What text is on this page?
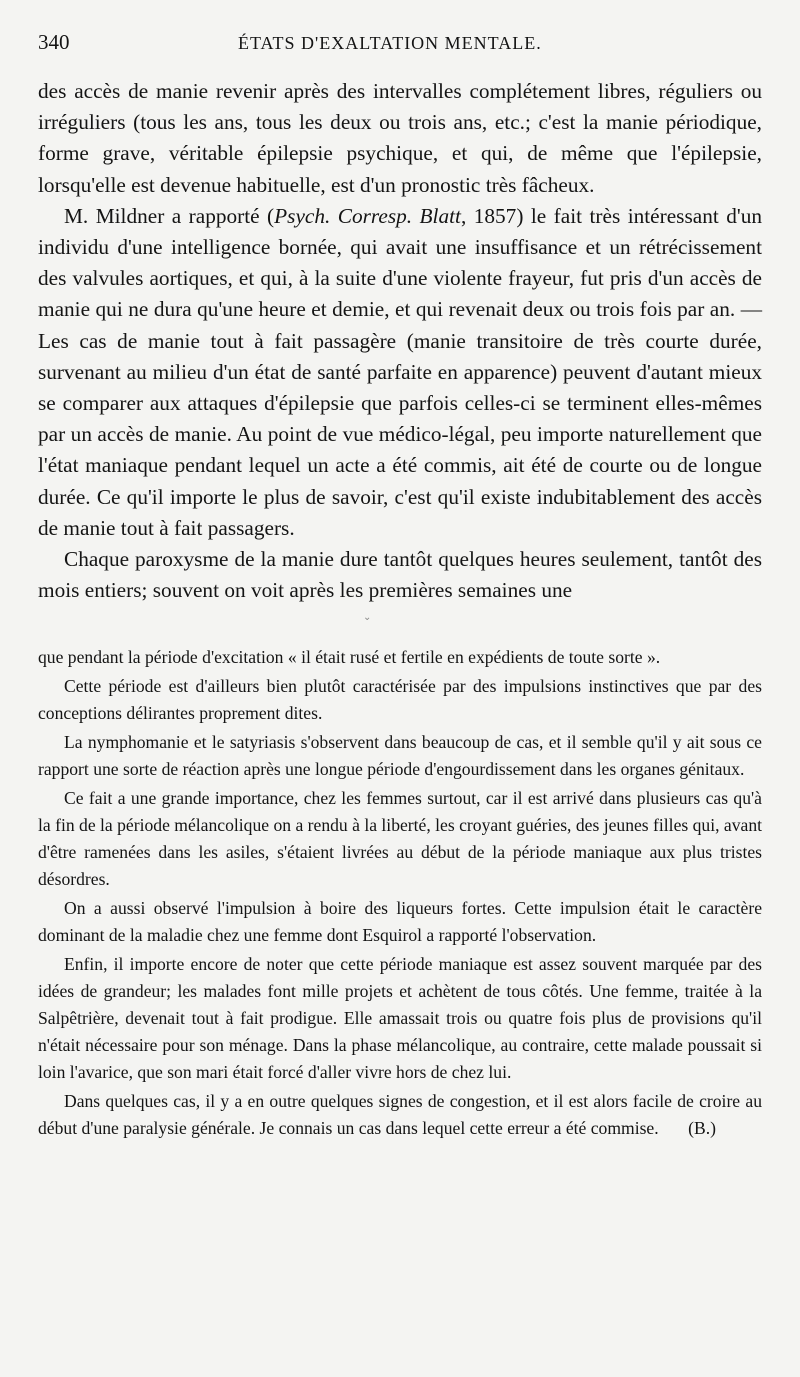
340	ÉTATS D'EXALTATION MENTALE.

des accès de manie revenir après des intervalles complétement libres, réguliers ou irréguliers (tous les ans, tous les deux ou trois ans, etc.; c'est la manie périodique, forme grave, véritable épilepsie psychique, et qui, de même que l'épilepsie, lorsqu'elle est devenue habituelle, est d'un pronostic très fâcheux.

M. Mildner a rapporté (Psych. Corresp. Blatt, 1857) le fait très intéressant d'un individu d'une intelligence bornée, qui avait une insuffisance et un rétrécissement des valvules aortiques, et qui, à la suite d'une violente frayeur, fut pris d'un accès de manie qui ne dura qu'une heure et demie, et qui revenait deux ou trois fois par an. — Les cas de manie tout à fait passagère (manie transitoire de très courte durée, survenant au milieu d'un état de santé parfaite en apparence) peuvent d'autant mieux se comparer aux attaques d'épilepsie que parfois celles-ci se terminent elles-mêmes par un accès de manie. Au point de vue médico-légal, peu importe naturellement que l'état maniaque pendant lequel un acte a été commis, ait été de courte ou de longue durée. Ce qu'il importe le plus de savoir, c'est qu'il existe indubitablement des accès de manie tout à fait passagers.

Chaque paroxysme de la manie dure tantôt quelques heures seulement, tantôt des mois entiers; souvent on voit après les premières semaines une

⌄

que pendant la période d'excitation « il était rusé et fertile en expédients de toute sorte ».

Cette période est d'ailleurs bien plutôt caractérisée par des impulsions instinctives que par des conceptions délirantes proprement dites.

La nymphomanie et le satyriasis s'observent dans beaucoup de cas, et il semble qu'il y ait sous ce rapport une sorte de réaction après une longue période d'engourdissement dans les organes génitaux.

Ce fait a une grande importance, chez les femmes surtout, car il est arrivé dans plusieurs cas qu'à la fin de la période mélancolique on a rendu à la liberté, les croyant guéries, des jeunes filles qui, avant d'être ramenées dans les asiles, s'étaient livrées au début de la période maniaque aux plus tristes désordres.

On a aussi observé l'impulsion à boire des liqueurs fortes. Cette impulsion était le caractère dominant de la maladie chez une femme dont Esquirol a rapporté l'observation.

Enfin, il importe encore de noter que cette période maniaque est assez souvent marquée par des idées de grandeur; les malades font mille projets et achètent de tous côtés. Une femme, traitée à la Salpêtrière, devenait tout à fait prodigue. Elle amassait trois ou quatre fois plus de provisions qu'il n'était nécessaire pour son ménage. Dans la phase mélancolique, au contraire, cette malade poussait si loin l'avarice, que son mari était forcé d'aller vivre hors de chez lui.

Dans quelques cas, il y a en outre quelques signes de congestion, et il est alors facile de croire au début d'une paralysie générale. Je connais un cas dans lequel cette erreur a été commise.	(B.)
